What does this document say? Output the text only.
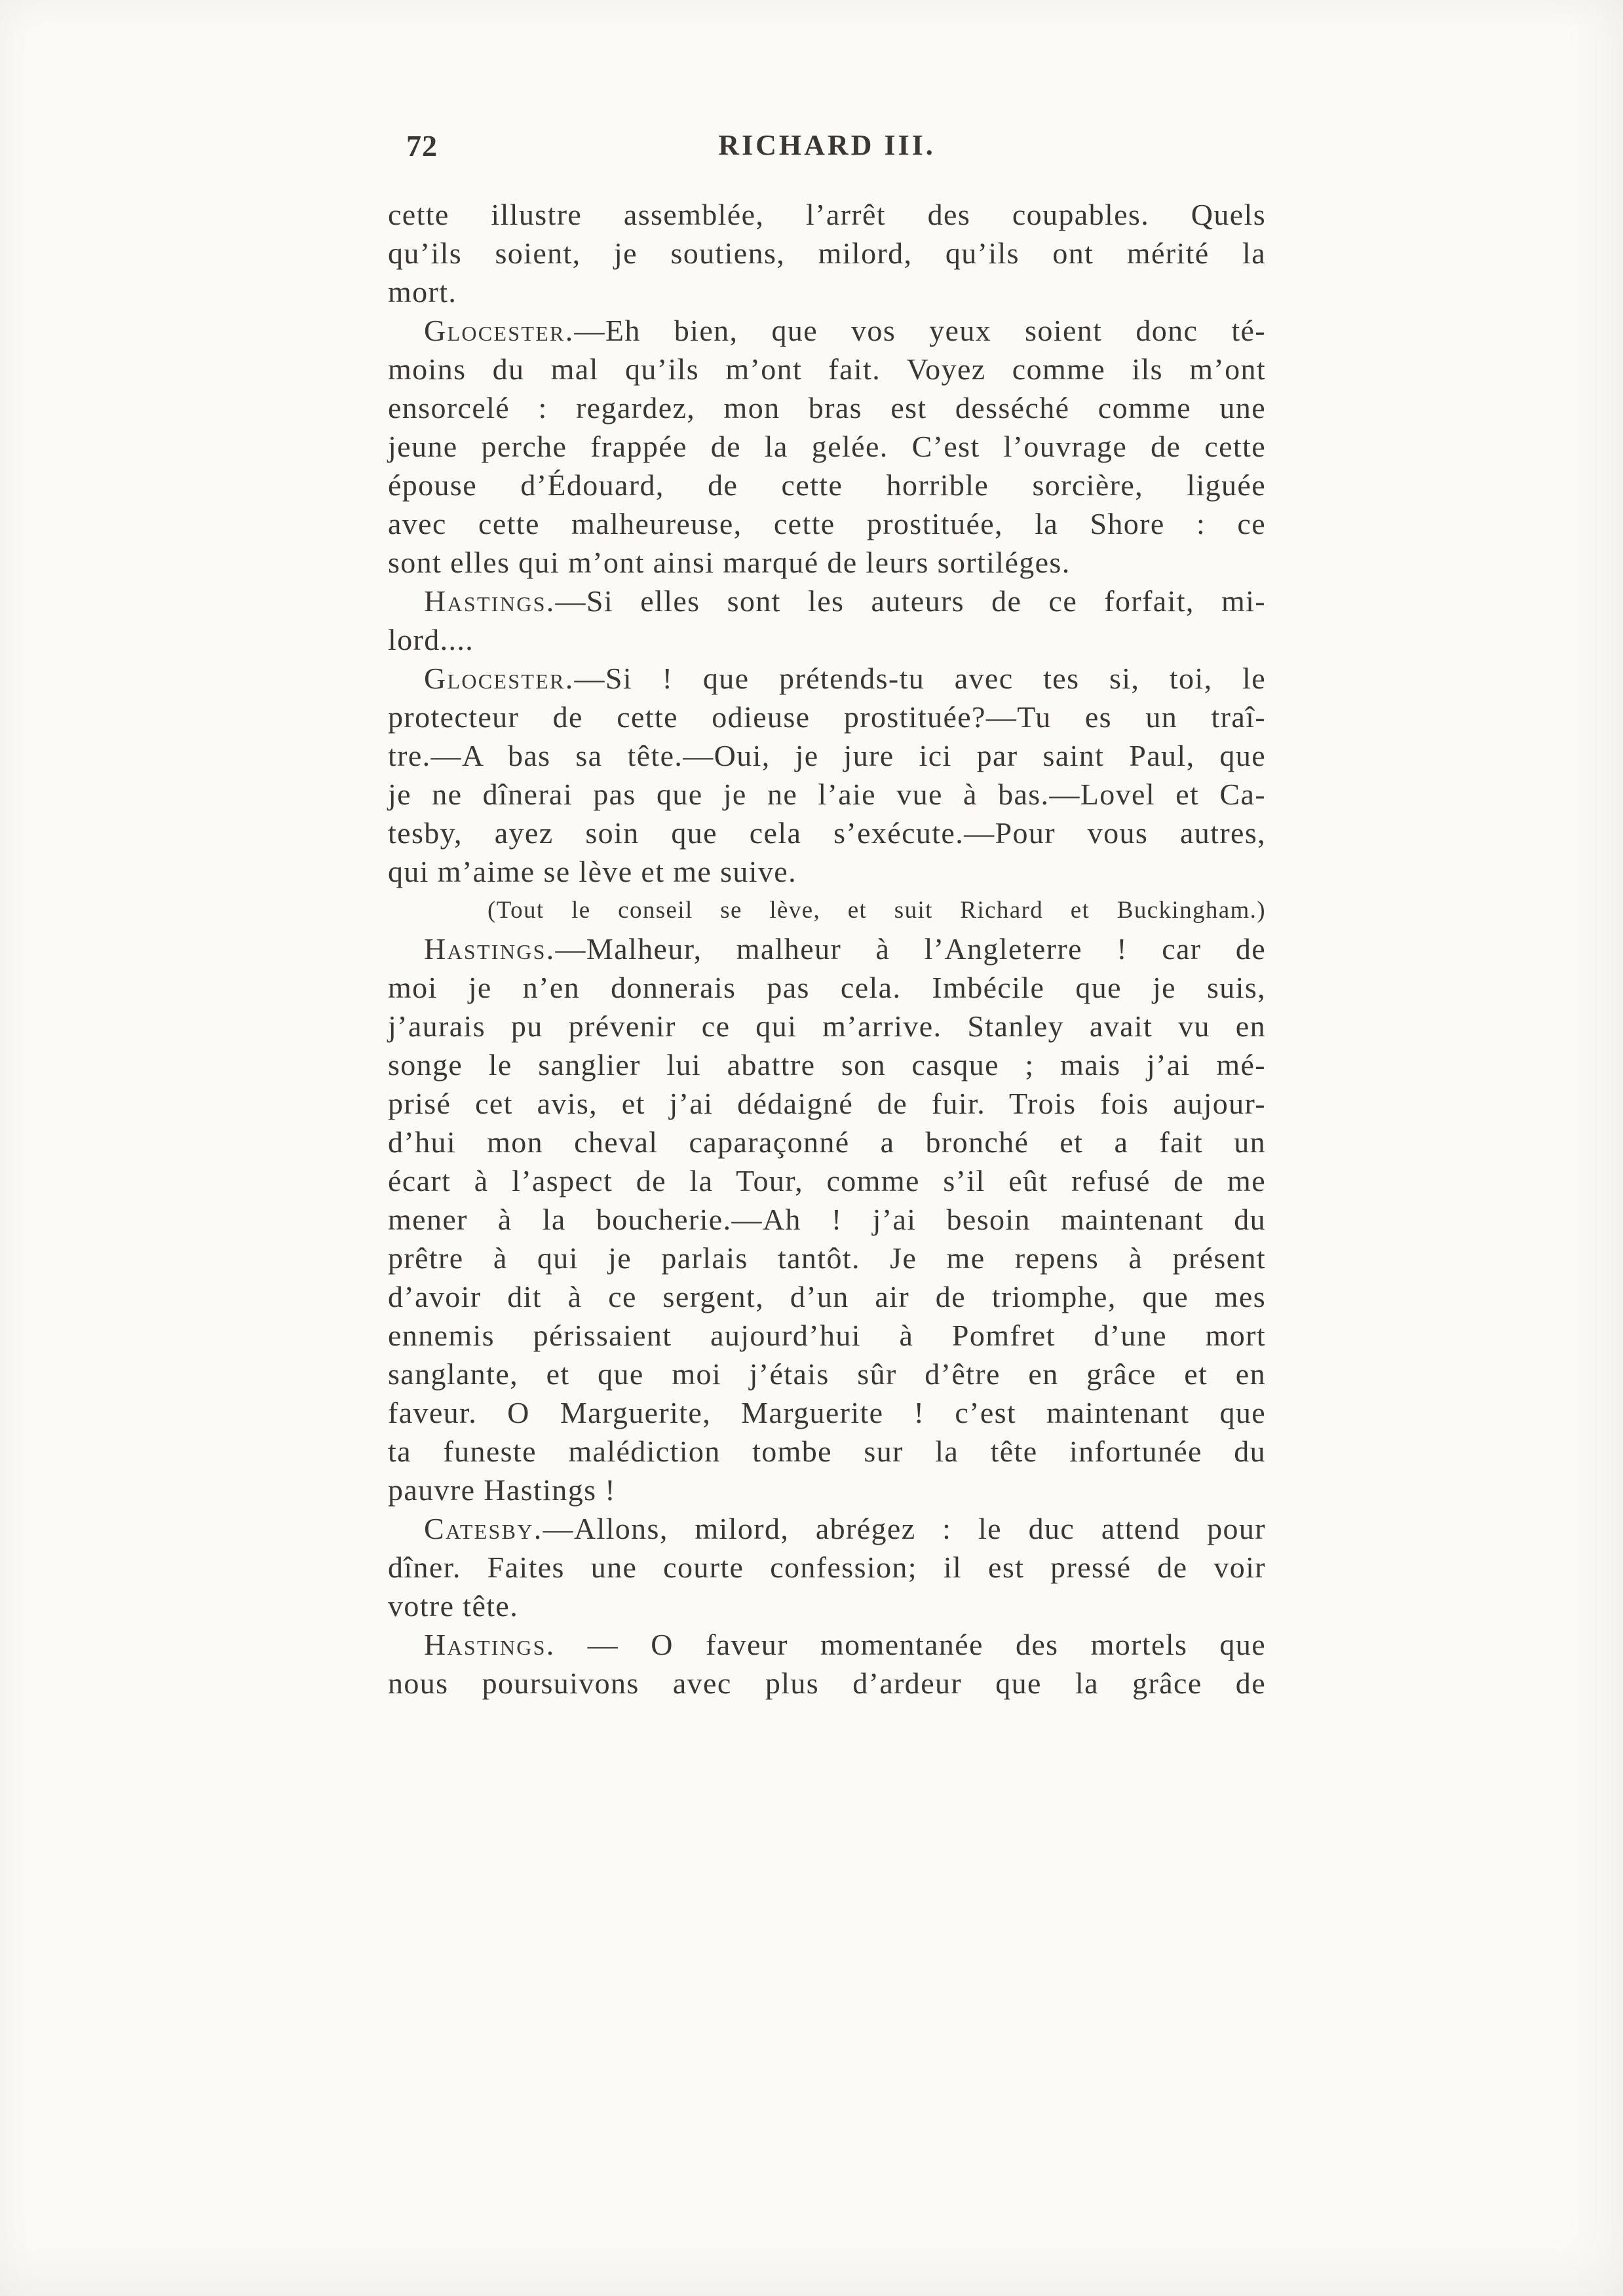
72	RICHARD III.
cette illustre assemblée, l’arrêt des coupables. Quels
qu’ils soient, je soutiens, milord, qu’ils ont mérité la
mort.
Glocester.—Eh bien, que vos yeux soient donc té-
moins du mal qu’ils m’ont fait. Voyez comme ils m’ont
ensorcelé : regardez, mon bras est desséché comme une
jeune perche frappée de la gelée. C’est l’ouvrage de cette
épouse d’Édouard, de cette horrible sorcière, liguée
avec cette malheureuse, cette prostituée, la Shore : ce
sont elles qui m’ont ainsi marqué de leurs sortiléges.
Hastings.—Si elles sont les auteurs de ce forfait, mi-
lord....
Glocester.—Si ! que prétends-tu avec tes si, toi, le
protecteur de cette odieuse prostituée?—Tu es un traî-
tre.—A bas sa tête.—Oui, je jure ici par saint Paul, que
je ne dînerai pas que je ne l’aie vue à bas.—Lovel et Ca-
tesby, ayez soin que cela s’exécute.—Pour vous autres,
qui m’aime se lève et me suive.
(Tout le conseil se lève, et suit Richard et Buckingham.)
Hastings.—Malheur, malheur à l’Angleterre ! car de
moi je n’en donnerais pas cela. Imbécile que je suis,
j’aurais pu prévenir ce qui m’arrive. Stanley avait vu en
songe le sanglier lui abattre son casque ; mais j’ai mé-
prisé cet avis, et j’ai dédaigné de fuir. Trois fois aujour-
d’hui mon cheval caparaçonné a bronché et a fait un
écart à l’aspect de la Tour, comme s’il eût refusé de me
mener à la boucherie.—Ah ! j’ai besoin maintenant du
prêtre à qui je parlais tantôt. Je me repens à présent
d’avoir dit à ce sergent, d’un air de triomphe, que mes
ennemis périssaient aujourd’hui à Pomfret d’une mort
sanglante, et que moi j’étais sûr d’être en grâce et en
faveur. O Marguerite, Marguerite ! c’est maintenant que
ta funeste malédiction tombe sur la tête infortunée du
pauvre Hastings !
Catesby.—Allons, milord, abrégez : le duc attend pour
dîner. Faites une courte confession; il est pressé de voir
votre tête.
Hastings. — O faveur momentanée des mortels que
nous poursuivons avec plus d’ardeur que la grâce de
